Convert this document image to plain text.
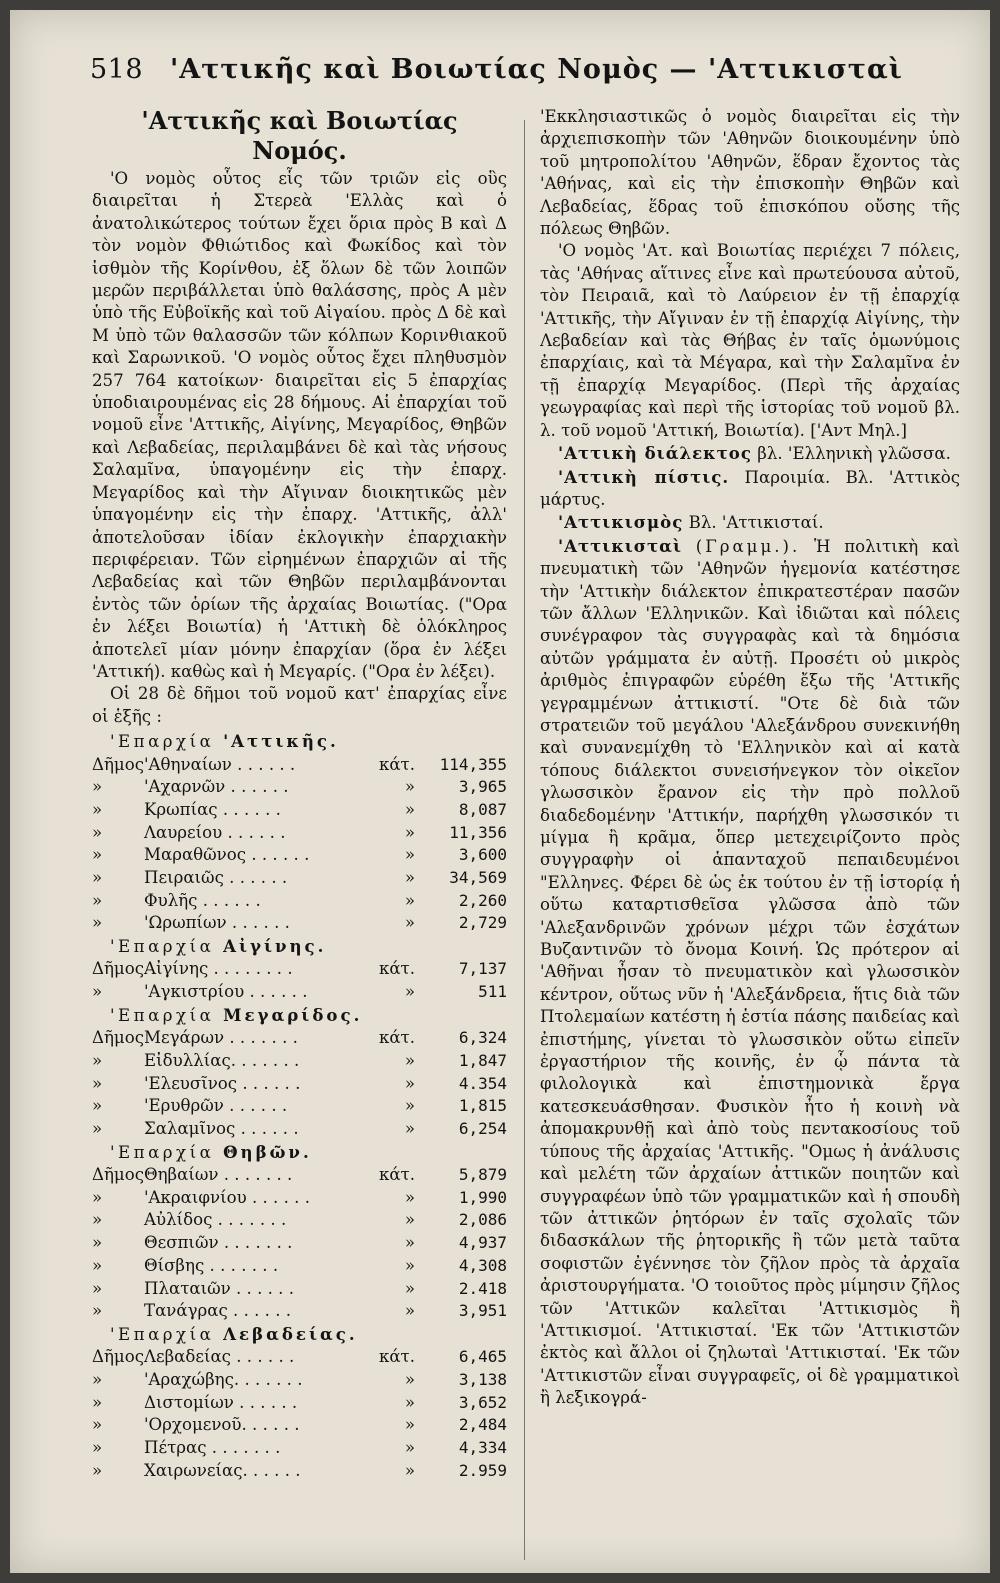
518 'Αττικῆς καὶ Βοιωτίας Νομὸς — 'Αττικισταὶ
'Αττικῆς καὶ Βοιωτίας Νομός.

'Ο νομὸς οὗτος εἷς τῶν τριῶν εἰς οὓς διαιρεῖται ἡ Στερεὰ 'Ελλὰς καὶ ὁ ἀνατολικώτερος τούτων ἔχει ὅρια πρὸς Β καὶ Δ τὸν νομὸν Φθιώτιδος καὶ Φωκίδος καὶ τὸν ἰσθμὸν τῆς Κορίνθου, ἐξ ὅλων δὲ τῶν λοιπῶν μερῶν περιβάλλεται ὑπὸ θαλάσσης, πρὸς Α μὲν ὑπὸ τῆς Εὐβοϊκῆς καὶ τοῦ Αἰγαίου. πρὸς Δ δὲ καὶ Μ ὑπὸ τῶν θαλασσῶν τῶν κόλπων Κορινθιακοῦ καὶ Σαρωνικοῦ. 'Ο νομὸς οὗτος ἔχει πληθυσμὸν 257 764 κατοίκων· διαιρεῖται εἰς 5 ἐπαρχίας ὑποδιαιρουμένας εἰς 28 δήμους. Αἱ ἐπαρχίαι τοῦ νομοῦ εἶνε 'Αττικῆς, Αἰγίνης, Μεγαρίδος, Θηβῶν καὶ Λεβαδείας, περιλαμβάνει δὲ καὶ τὰς νήσους Σαλαμῖνα, ὑπαγομένην εἰς τὴν ἐπαρχ. Μεγαρίδος καὶ τὴν Αἴγιναν διοικητικῶς μὲν ὑπαγομένην εἰς τὴν ἐπαρχ. 'Αττικῆς, ἀλλ' ἀποτελοῦσαν ἰδίαν ἐκλογικὴν ἐπαρχιακὴν περιφέρειαν. Τῶν εἰρημένων ἐπαρχιῶν αἱ τῆς Λεβαδείας καὶ τῶν Θηβῶν περιλαμβάνονται ἐντὸς τῶν ὁρίων τῆς ἀρχαίας Βοιωτίας. ("Ορα ἐν λέξει Βοιωτία) ἡ 'Αττικὴ δὲ ὁλόκληρος ἀποτελεῖ μίαν μόνην ἐπαρχίαν (ὅρα ἐν λέξει 'Αττική). καθὼς καὶ ἡ Μεγαρίς. ("Ορα ἐν λέξει).

Οἱ 28 δὲ δῆμοι τοῦ νομοῦ κατ' ἐπαρχίας εἶνε οἱ ἑξῆς :

'Επαρχία 'Αττικῆς.			
Δῆμος	'Αθηναίων . . . . . .	κάτ.	114,355
»	'Αχαρνῶν . . . . . .	»	3,965
»	Κρωπίας . . . . . .	»	8,087
»	Λαυρείου . . . . . .	»	11,356
»	Μαραθῶνος . . . . . .	»	3,600
»	Πειραιῶς . . . . . .	»	34,569
»	Φυλῆς . . . . . .	»	2,260
»	'Ωρωπίων . . . . . .	»	2,729
'Επαρχία Αἰγίνης.			
Δῆμος	Αἰγίνης . . . . . . . .	κάτ.	7,137
»	'Αγκιστρίου . . . . . .	»	511
'Επαρχία Μεγαρίδος.			
Δῆμος	Μεγάρων . . . . . . .	κάτ.	6,324
»	Εἰδυλλίας. . . . . . .	»	1,847
»	'Ελευσῖνος . . . . . .	»	4.354
»	'Ερυθρῶν . . . . . .	»	1,815
»	Σαλαμῖνος . . . . . .	»	6,254
'Επαρχία Θηβῶν.			
Δῆμος	Θηβαίων . . . . . . .	κάτ.	5,879
»	'Ακραιφνίου . . . . . .	»	1,990
»	Αὐλίδος . . . . . . .	»	2,086
»	Θεσπιῶν . . . . . . .	»	4,937
»	Θίσβης . . . . . . .	»	4,308
»	Πλαταιῶν . . . . . .	»	2.418
»	Τανάγρας . . . . . .	»	3,951
'Επαρχία Λεβαδείας.			
Δῆμος	Λεβαδείας . . . . . .	κάτ.	6,465
»	'Αραχώβης. . . . . . .	»	3,138
»	Διστομίων . . . . . .	»	3,652
»	'Ορχομενοῦ. . . . . .	»	2,484
»	Πέτρας . . . . . . .	»	4,334
»	Χαιρωνείας. . . . . .	»	2.959

'Εκκλησιαστικῶς ὁ νομὸς διαιρεῖται εἰς τὴν ἀρχιεπισκοπὴν τῶν 'Αθηνῶν διοικουμένην ὑπὸ τοῦ μητροπολίτου 'Αθηνῶν, ἕδραν ἔχοντος τὰς 'Αθήνας, καὶ εἰς τὴν ἐπισκοπὴν Θηβῶν καὶ Λεβαδείας, ἕδρας τοῦ ἐπισκόπου οὔσης τῆς πόλεως Θηβῶν.

'Ο νομὸς 'Ατ. καὶ Βοιωτίας περιέχει 7 πόλεις, τὰς 'Αθήνας αἵτινες εἶνε καὶ πρωτεύουσα αὐτοῦ, τὸν Πειραιᾶ, καὶ τὸ Λαύρειον ἐν τῇ ἐπαρχίᾳ 'Αττικῆς, τὴν Αἴγιναν ἐν τῇ ἐπαρχίᾳ Αἰγίνης, τὴν Λεβαδείαν καὶ τὰς Θήβας ἐν ταῖς ὁμωνύμοις ἐπαρχίαις, καὶ τὰ Μέγαρα, καὶ τὴν Σαλαμῖνα ἐν τῇ ἐπαρχίᾳ Μεγαρίδος. (Περὶ τῆς ἀρχαίας γεωγραφίας καὶ περὶ τῆς ἱστορίας τοῦ νομοῦ βλ. λ. τοῦ νομοῦ 'Αττική, Βοιωτία). ['Αντ Μηλ.]

'Αττικὴ διάλεκτος βλ. 'Ελληνικὴ γλῶσσα.

'Αττικὴ πίστις. Παροιμία. Βλ. 'Αττικὸς μάρτυς.

'Αττικισμὸς Βλ. 'Αττικισταί.

'Αττικισταὶ (Γραμμ.). Ἡ πολιτικὴ καὶ πνευματικὴ τῶν 'Αθηνῶν ἡγεμονία κατέστησε τὴν 'Αττικὴν διάλεκτον ἐπικρατεστέραν πασῶν τῶν ἄλλων 'Ελληνικῶν. Καὶ ἰδιῶται καὶ πόλεις συνέγραφον τὰς συγγραφὰς καὶ τὰ δημόσια αὐτῶν γράμματα ἐν αὐτῇ. Προσέτι οὐ μικρὸς ἀριθμὸς ἐπιγραφῶν εὑρέθη ἔξω τῆς 'Αττικῆς γεγραμμένων ἀττικιστί. "Οτε δὲ διὰ τῶν στρατειῶν τοῦ μεγάλου 'Αλεξάνδρου συνεκινήθη καὶ συνανεμίχθη τὸ 'Ελληνικὸν καὶ αἱ κατὰ τόπους διάλεκτοι συνεισήνεγκον τὸν οἰκεῖον γλωσσικὸν ἔρανον εἰς τὴν πρὸ πολλοῦ διαδεδομένην 'Αττικήν, παρήχθη γλωσσικόν τι μίγμα ἢ κρᾶμα, ὅπερ μετεχειρίζοντο πρὸς συγγραφὴν οἱ ἁπανταχοῦ πεπαιδευμένοι "Ελληνες. Φέρει δὲ ὡς ἐκ τούτου ἐν τῇ ἱστορίᾳ ἡ οὕτω καταρτισθεῖσα γλῶσσα ἀπὸ τῶν 'Αλεξανδρινῶν χρόνων μέχρι τῶν ἐσχάτων Βυζαντινῶν τὸ ὄνομα Κοινή. Ὡς πρότερον αἱ 'Αθῆναι ἦσαν τὸ πνευματικὸν καὶ γλωσσικὸν κέντρον, οὕτως νῦν ἡ 'Αλεξάνδρεια, ἥτις διὰ τῶν Πτολεμαίων κατέστη ἡ ἑστία πάσης παιδείας καὶ ἐπιστήμης, γίνεται τὸ γλωσσικὸν οὕτω εἰπεῖν ἐργαστήριον τῆς κοινῆς, ἐν ᾧ πάντα τὰ φιλολογικὰ καὶ ἐπιστημονικὰ ἔργα κατεσκευάσθησαν. Φυσικὸν ἦτο ἡ κοινὴ νὰ ἀπομακρυνθῇ καὶ ἀπὸ τοὺς πεντακοσίους τοῦ τύπους τῆς ἀρχαίας 'Αττικῆς. "Ομως ἡ ἀνάλυσις καὶ μελέτη τῶν ἀρχαίων ἀττικῶν ποιητῶν καὶ συγγραφέων ὑπὸ τῶν γραμματικῶν καὶ ἡ σπουδὴ τῶν ἀττικῶν ῥητόρων ἐν ταῖς σχολαῖς τῶν διδασκάλων τῆς ῥητορικῆς ἢ τῶν μετὰ ταῦτα σοφιστῶν ἐγέννησε τὸν ζῆλον πρὸς τὰ ἀρχαῖα ἀριστουργήματα. 'Ο τοιοῦτος πρὸς μίμησιν ζῆλος τῶν 'Αττικῶν καλεῖται 'Αττικισμὸς ἢ 'Αττικισμοί. 'Αττικισταί. 'Εκ τῶν 'Αττικιστῶν ἐκτὸς καὶ ἄλλοι οἱ ζηλωταὶ 'Αττικισταί. 'Εκ τῶν 'Αττικιστῶν εἶναι συγγραφεῖς, οἱ δὲ γραμματικοὶ ἢ λεξικογρά-
